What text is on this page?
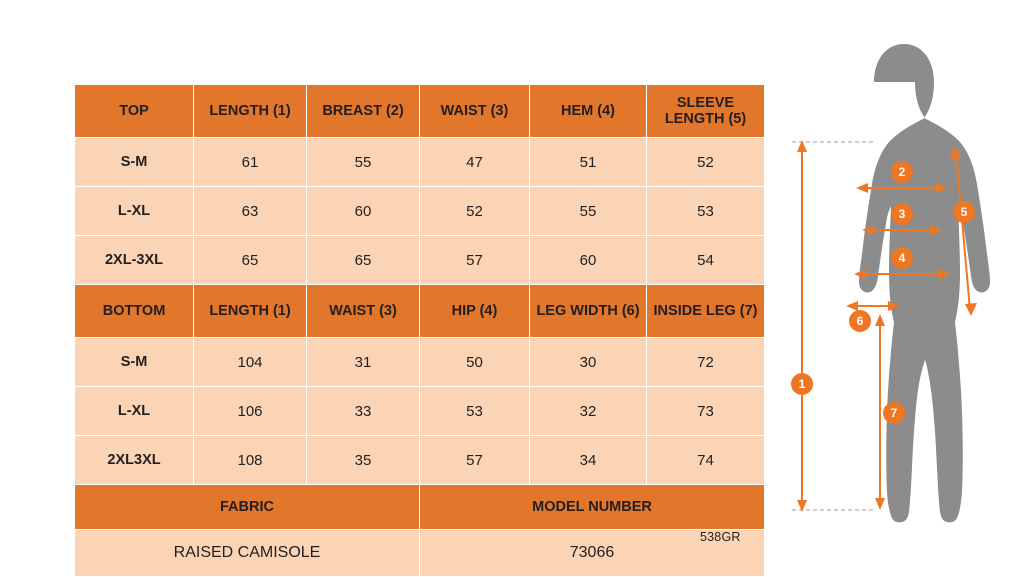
TOP	LENGTH (1)	BREAST (2)	WAIST (3)	HEM (4)	SLEEVE LENGTH (5)
S-M	61	55	47	51	52
L-XL	63	60	52	55	53
2XL-3XL	65	65	57	60	54
BOTTOM	LENGTH (1)	WAIST (3)	HIP (4)	LEG WIDTH (6)	INSIDE LEG (7)
S-M	104	31	50	30	72
L-XL	106	33	53	32	73
2XL3XL	108	35	57	34	74
FABRIC			MODEL NUMBER		
RAISED CAMISOLE			73066		
538GR
1
5
2
3
4
6
7
